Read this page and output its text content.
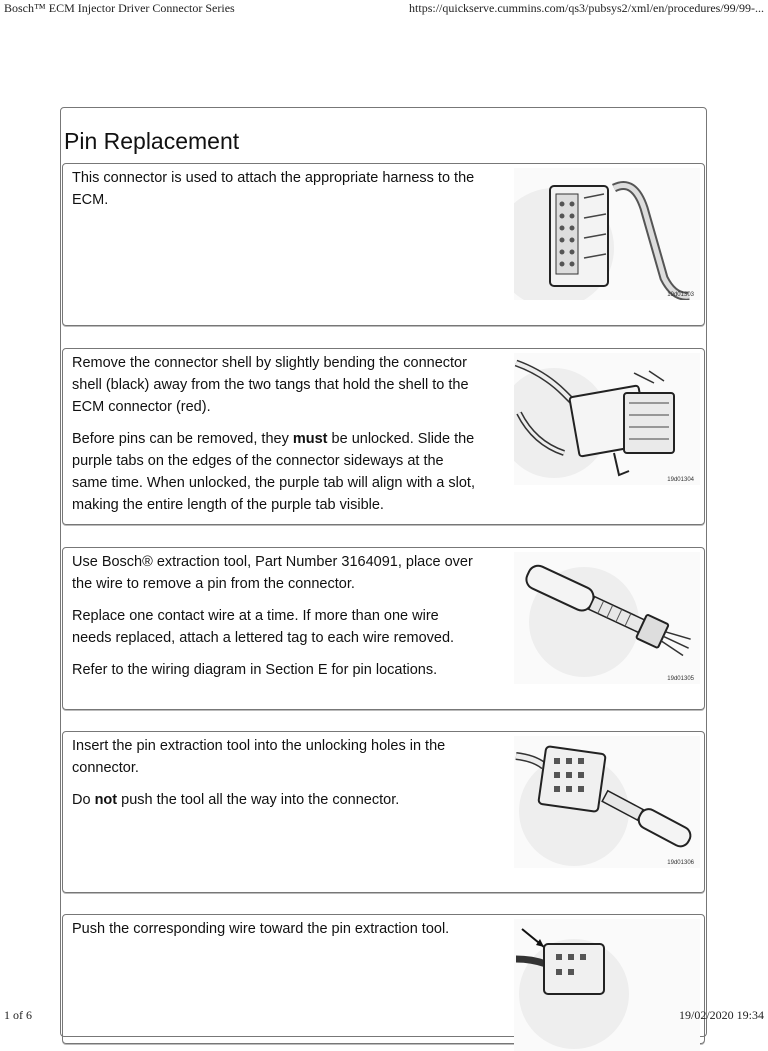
Bosch™ ECM Injector Driver Connector Series	https://quickserve.cummins.com/qs3/pubsys2/xml/en/procedures/99/99-...
Pin Replacement

This connector is used to attach the appropriate harness to the ECM.

19d01303

Remove the connector shell by slightly bending the connector shell (black) away from the two tangs that hold the shell to the ECM connector (red).

Before pins can be removed, they must be unlocked. Slide the purple tabs on the edges of the connector sideways at the same time. When unlocked, the purple tab will align with a slot, making the entire length of the purple tab visible.

19d01304

Use Bosch® extraction tool, Part Number 3164091, place over the wire to remove a pin from the connector.

Replace one contact wire at a time. If more than one wire needs replaced, attach a lettered tag to each wire removed.

Refer to the wiring diagram in Section E for pin locations.

19d01305

Insert the pin extraction tool into the unlocking holes in the connector.

Do not push the tool all the way into the connector.

19d01306

Push the corresponding wire toward the pin extraction tool.

1 of 6	19/02/2020 19:34
